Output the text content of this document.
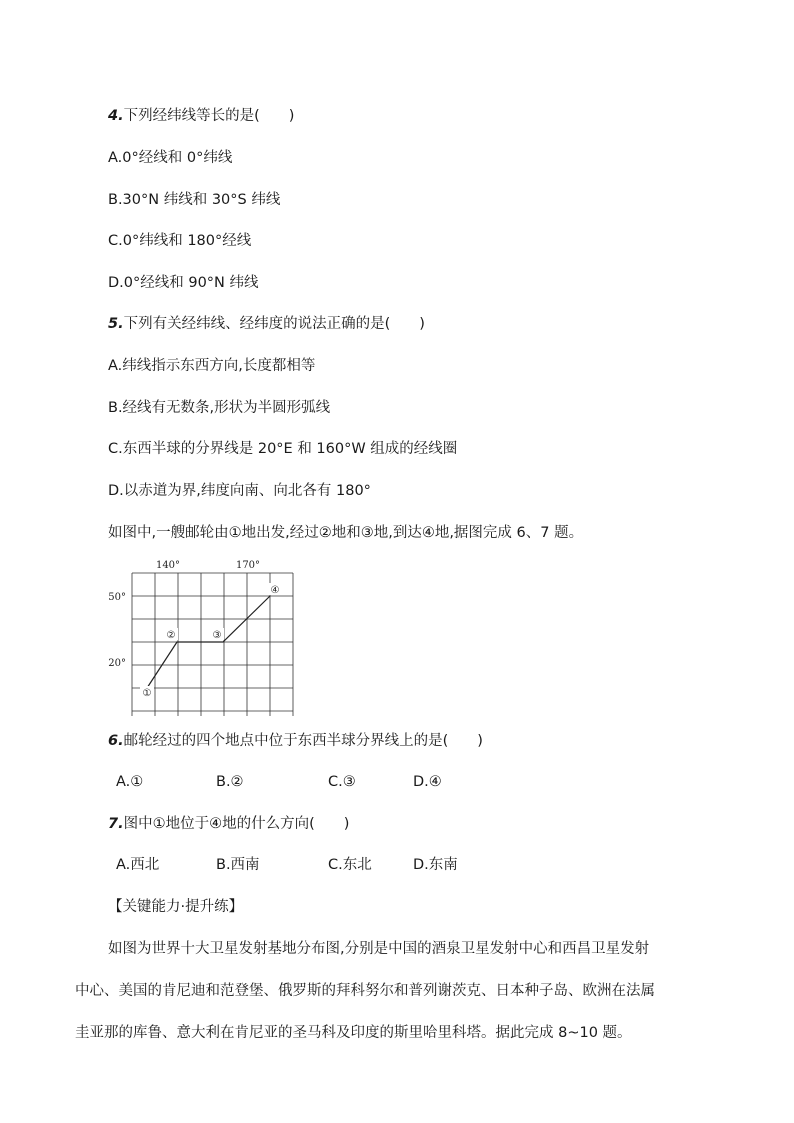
4.下列经纬线等长的是(　　)
A.0°经线和 0°纬线
B.30°N 纬线和 30°S 纬线
C.0°纬线和 180°经线
D.0°经线和 90°N 纬线
5.下列有关经纬线、经纬度的说法正确的是(　　)
A.纬线指示东西方向,长度都相等
B.经线有无数条,形状为半圆形弧线
C.东西半球的分界线是 20°E 和 160°W 组成的经线圈
D.以赤道为界,纬度向南、向北各有 180°
如图中,一艘邮轮由①地出发,经过②地和③地,到达④地,据图完成 6、7 题。
140°	170°
50°
20°
①
②	③
④
6.邮轮经过的四个地点中位于东西半球分界线上的是(　　)
A.①	B.②	C.③	D.④
7.图中①地位于④地的什么方向(　　)
A.西北	B.西南	C.东北	D.东南
【关键能力·提升练】
如图为世界十大卫星发射基地分布图,分别是中国的酒泉卫星发射中心和西昌卫星发射
中心、美国的肯尼迪和范登堡、俄罗斯的拜科努尔和普列谢茨克、日本种子岛、欧洲在法属
圭亚那的库鲁、意大利在肯尼亚的圣马科及印度的斯里哈里科塔。据此完成 8~10 题。
